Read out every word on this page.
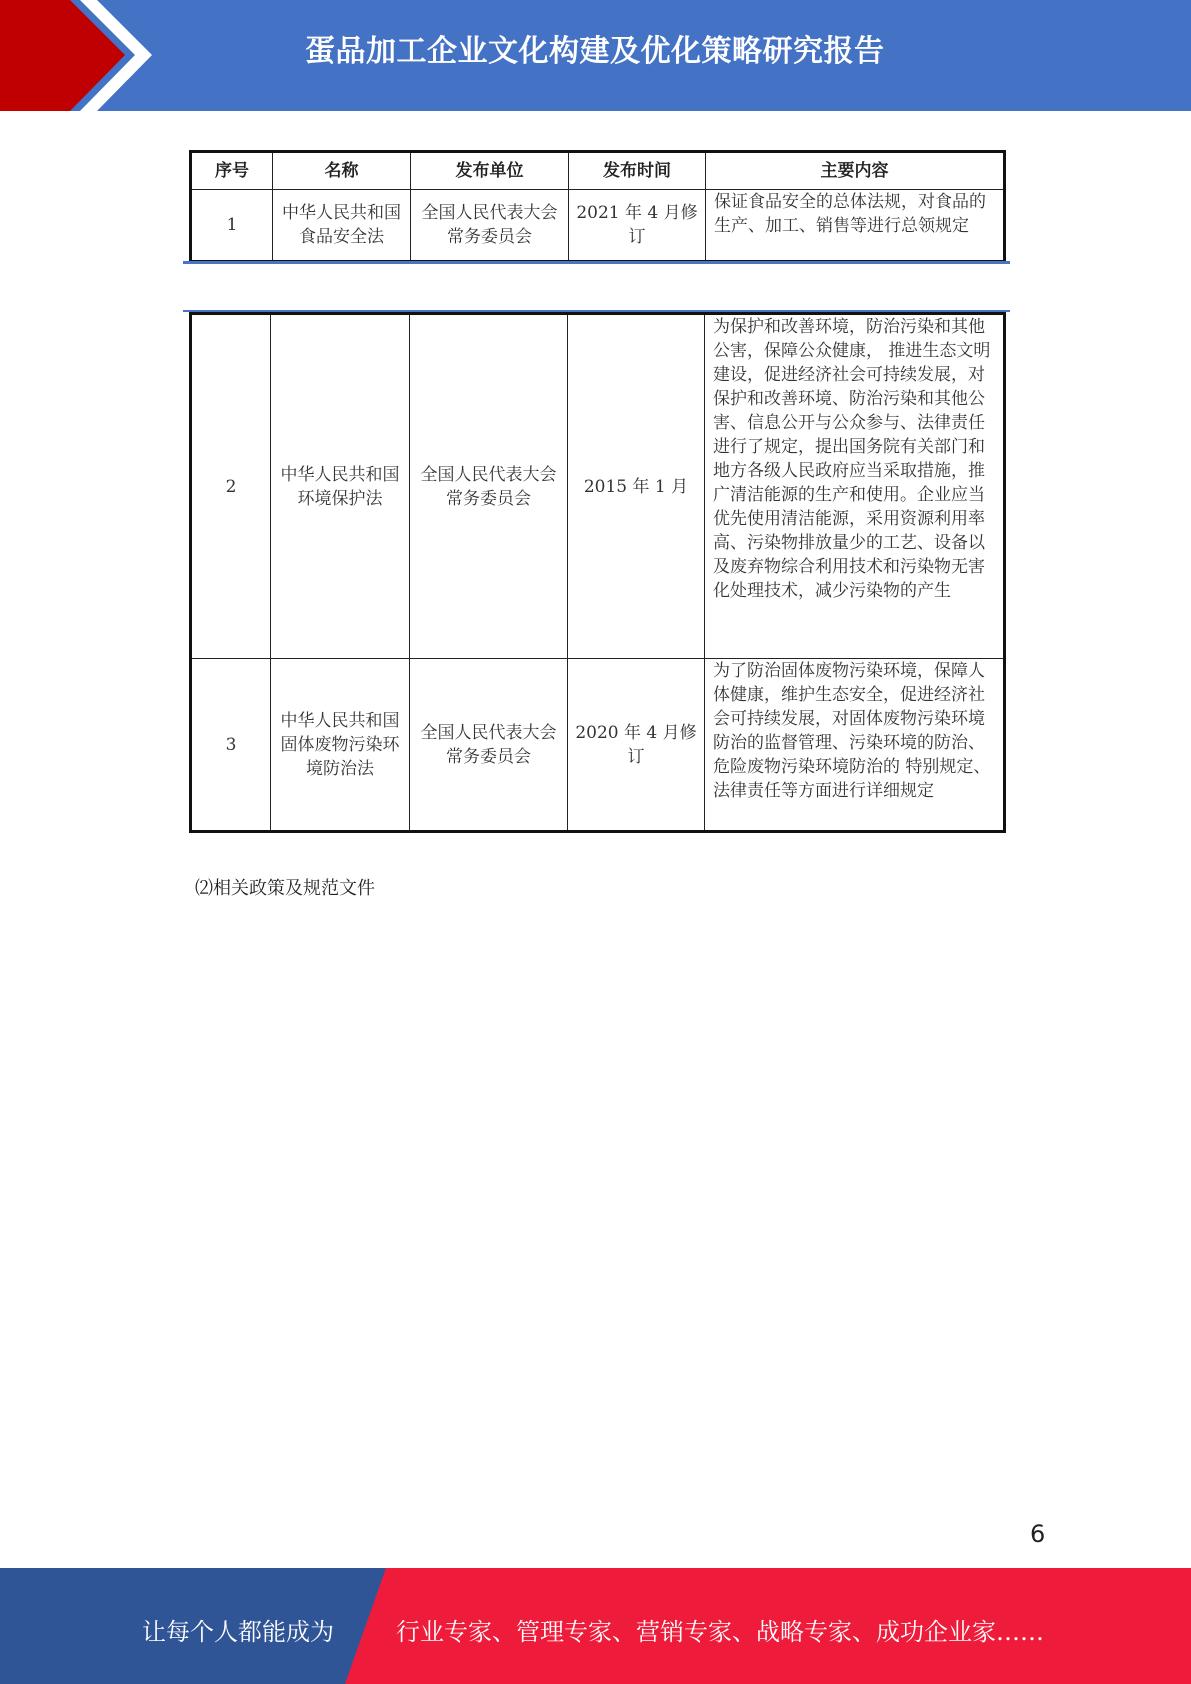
蛋品加工企业文化构建及优化策略研究报告
序号	名称	发布单位	发布时间	主要内容
1	中华人民共和国食品安全法	全国人民代表大会常务委员会	2021 年 4 月修订	保证食品安全的总体法规，对食品的生产、加工、销售等进行总领规定
2	中华人民共和国环境保护法	全国人民代表大会常务委员会	2015 年 1 月	为保护和改善环境，防治污染和其他公害，保障公众健康， 推进生态文明建设，促进经济社会可持续发展，对保护和改善环境、防治污染和其他公害、信息公开与公众参与、法律责任进行了规定，提出国务院有关部门和地方各级人民政府应当采取措施，推广清洁能源的生产和使用。企业应当优先使用清洁能源，采用资源利用率高、污染物排放量少的工艺、设备以及废弃物综合利用技术和污染物无害 化处理技术，减少污染物的产生
3	中华人民共和国固体废物污染环境防治法	全国人民代表大会常务委员会	2020 年 4 月修订	为了防治固体废物污染环境，保障人体健康，维护生态安全，促进经济社会可持续发展，对固体废物污染环境防治的监督管理、污染环境的防治、危险废物污染环境防治的 特别规定、法律责任等方面进行详细规定
⑵相关政策及规范文件
6
让每个人都能成为	行业专家、管理专家、营销专家、战略专家、成功企业家……
